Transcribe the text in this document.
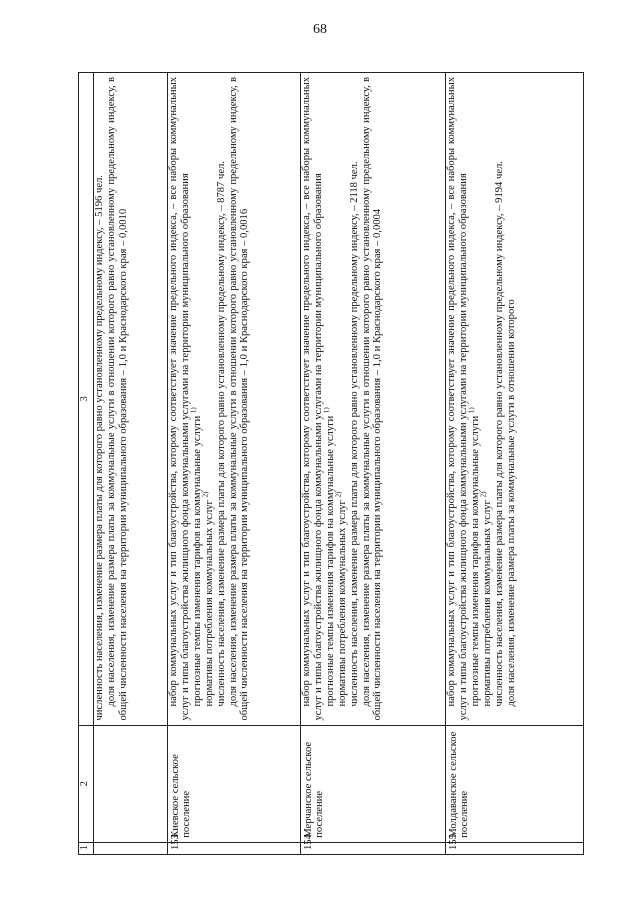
68
1	2	3

		численность населения, изменение размера платы для которого равно установленному предельному индексу, – 5196 чел. доля населения, изменение размера платы за коммунальные услуги в отношении которого равно установленному предельному индексу, в общей численности населения на территории муниципального образования – 1,0 и Краснодарского края – 0,0010

153	Киевское сельское поселение	набор коммунальных услуг и тип благоустройства, которому соответствует значение предельного индекса, – все наборы коммунальных услуг и типы благоустройства жилищного фонда коммунальными услугами на территории муниципального образования прогнозные темпы изменения тарифов на коммунальные услуги $^{1)}$

нормативы потребления коммунальных услуг $^{2)}$ численность населения, изменение размера платы для которого равно установленному предельному индексу, – 8787 чел. доля населения, изменение размера платы за коммунальные услуги в отношении которого равно установленному предельному индексу, в общей численности населения на территории муниципального образования – 1,0 и Краснодарского края – 0,0016

154	Мерчанское сельское поселение	набор коммунальных услуг и тип благоустройства, которому соответствует значение предельного индекса, – все наборы коммунальных услуг и типы благоустройства жилищного фонда коммунальными услугами на территории муниципального образования прогнозные темпы изменения тарифов на коммунальные услуги $^{1)}$

нормативы потребления коммунальных услуг $^{2)}$ численность населения, изменение размера платы для которого равно установленному предельному индексу, – 2118 чел. доля населения, изменение размера платы за коммунальные услуги в отношении которого равно установленному предельному индексу, в общей численности населения на территории муниципального образования – 1,0 и Краснодарского края – 0,0004

155	Молдаванское сельское поселение	набор коммунальных услуг и тип благоустройства, которому соответствует значение предельного индекса, – все наборы коммунальных услуг и типы благоустройства жилищного фонда коммунальными услугами на территории муниципального образования прогнозные темпы изменения тарифов на коммунальные услуги $^{1)}$

нормативы потребления коммунальных услуг $^{2)}$ численность населения, изменение размера платы для которого равно установленному предельному индексу, – 9194 чел. доля населения, изменение размера платы за коммунальные услуги в отношении которого
